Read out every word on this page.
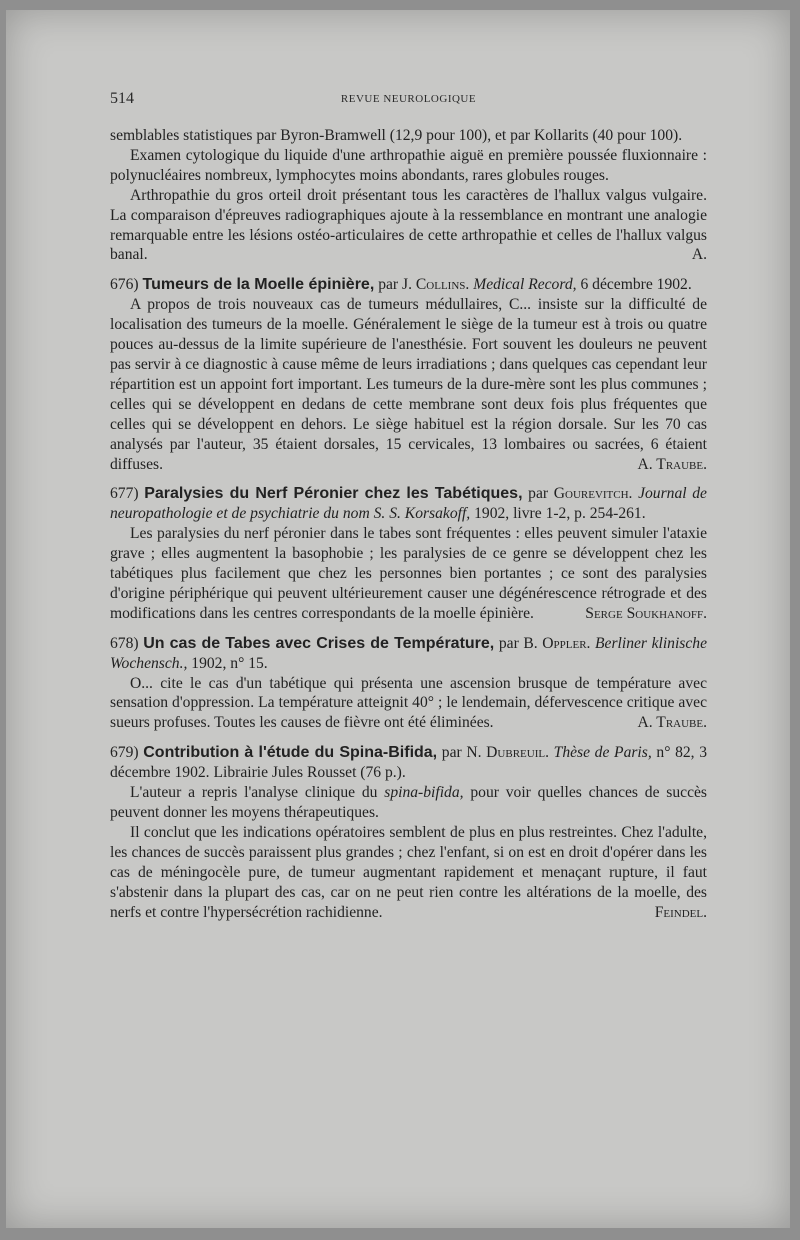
514	REVUE NEUROLOGIQUE

semblables statistiques par Byron-Bramwell (12,9 pour 100), et par Kollarits (40 pour 100).

Examen cytologique du liquide d'une arthropathie aiguë en première poussée fluxionnaire : polynucléaires nombreux, lymphocytes moins abondants, rares globules rouges.

Arthropathie du gros orteil droit présentant tous les caractères de l'hallux valgus vulgaire. La comparaison d'épreuves radiographiques ajoute à la ressemblance en montrant une analogie remarquable entre les lésions ostéo-articulaires de cette arthropathie et celles de l'hallux valgus banal.	A.

676) Tumeurs de la Moelle épinière, par J. Collins. Medical Record, 6 décembre 1902.

A propos de trois nouveaux cas de tumeurs médullaires, C... insiste sur la difficulté de localisation des tumeurs de la moelle. Généralement le siège de la tumeur est à trois ou quatre pouces au-dessus de la limite supérieure de l'anesthésie. Fort souvent les douleurs ne peuvent pas servir à ce diagnostic à cause même de leurs irradiations ; dans quelques cas cependant leur répartition est un appoint fort important. Les tumeurs de la dure-mère sont les plus communes ; celles qui se développent en dedans de cette membrane sont deux fois plus fréquentes que celles qui se développent en dehors. Le siège habituel est la région dorsale. Sur les 70 cas analysés par l'auteur, 35 étaient dorsales, 15 cervicales, 13 lombaires ou sacrées, 6 étaient diffuses.	A. Traube.

677) Paralysies du Nerf Péronier chez les Tabétiques, par Gourevitch. Journal de neuropathologie et de psychiatrie du nom S. S. Korsakoff, 1902, livre 1-2, p. 254-261.

Les paralysies du nerf péronier dans le tabes sont fréquentes : elles peuvent simuler l'ataxie grave ; elles augmentent la basophobie ; les paralysies de ce genre se développent chez les tabétiques plus facilement que chez les personnes bien portantes ; ce sont des paralysies d'origine périphérique qui peuvent ultérieurement causer une dégénérescence rétrograde et des modifications dans les centres correspondants de la moelle épinière.	Serge Soukhanoff.

678) Un cas de Tabes avec Crises de Température, par B. Oppler. Berliner klinische Wochensch., 1902, n° 15.

O... cite le cas d'un tabétique qui présenta une ascension brusque de température avec sensation d'oppression. La température atteignit 40° ; le lendemain, défervescence critique avec sueurs profuses. Toutes les causes de fièvre ont été éliminées.	A. Traube.

679) Contribution à l'étude du Spina-Bifida, par N. Dubreuil. Thèse de Paris, n° 82, 3 décembre 1902. Librairie Jules Rousset (76 p.).

L'auteur a repris l'analyse clinique du spina-bifida, pour voir quelles chances de succès peuvent donner les moyens thérapeutiques.

Il conclut que les indications opératoires semblent de plus en plus restreintes. Chez l'adulte, les chances de succès paraissent plus grandes ; chez l'enfant, si on est en droit d'opérer dans les cas de méningocèle pure, de tumeur augmentant rapidement et menaçant rupture, il faut s'abstenir dans la plupart des cas, car on ne peut rien contre les altérations de la moelle, des nerfs et contre l'hypersécrétion rachidienne.	Feindel.
